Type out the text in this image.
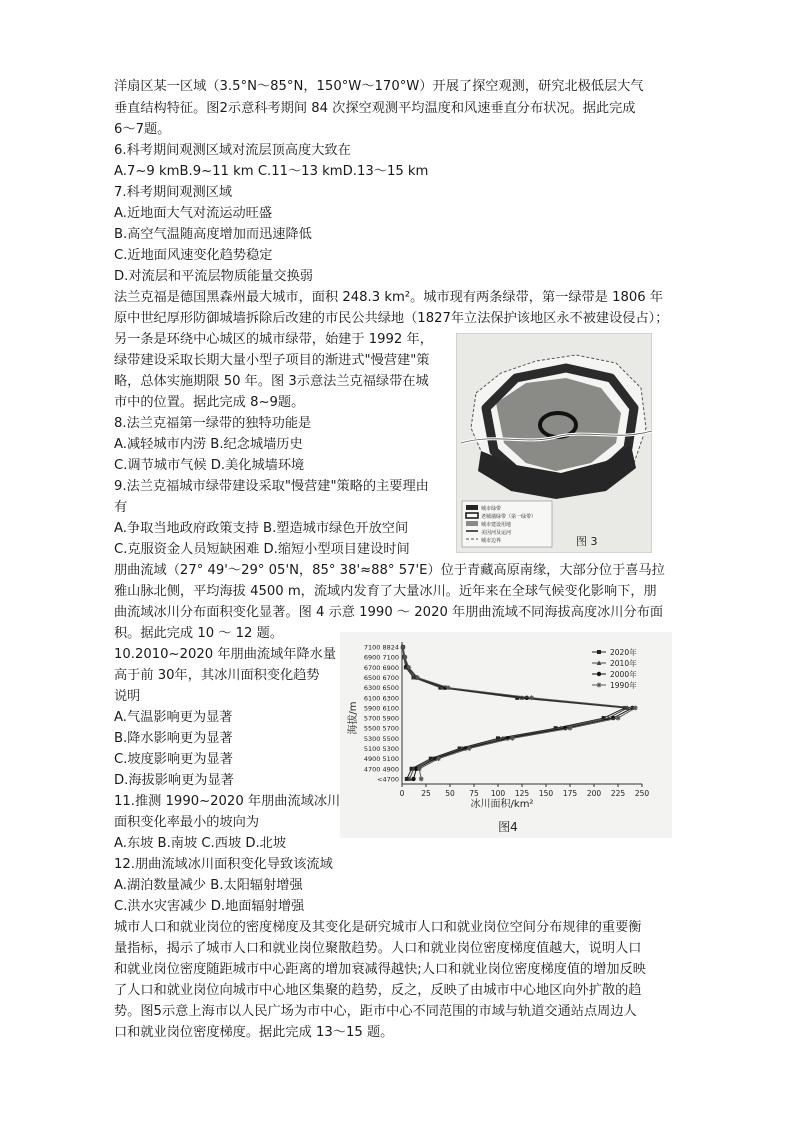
洋扇区某一区域（3.5°N～85°N，150°W～170°W）开展了探空观测，研究北极低层大气
垂直结构特征。图2示意科考期间 84 次探空观测平均温度和风速垂直分布状况。据此完成
6～7题。
6.科考期间观测区域对流层顶高度大致在
A.7~9 kmB.9~11 km C.11～13 kmD.13～15 km
7.科考期间观测区域
A.近地面大气对流运动旺盛
B.高空气温随高度增加而迅速降低
C.近地面风速变化趋势稳定
D.对流层和平流层物质能量交换弱
法兰克福是德国黑森州最大城市，面积 248.3 km²。城市现有两条绿带，第一绿带是 1806 年
原中世纪厚形防御城墙拆除后改建的市民公共绿地（1827年立法保护该地区永不被建设侵占）；
另一条是环绕中心城区的城市绿带，始建于 1992 年，
绿带建设采取长期大量小型子项目的渐进式"慢营建"策
略，总体实施期限 50 年。图 3示意法兰克福绿带在城
市中的位置。据此完成 8~9题。
8.法兰克福第一绿带的独特功能是
A.减轻城市内涝 B.纪念城墙历史
C.调节城市气候 D.美化城墙环境
9.法兰克福城市绿带建设采取"慢营建"策略的主要理由
有
A.争取当地政府政策支持 B.塑造城市绿色开放空间
C.克服资金人员短缺困难 D.缩短小型项目建设时间
城市绿带
老城墙绿带（第一绿带）
城市建设用地
美因河及运河
城市边界	图 3
朋曲流域（27° 49'～29° 05'N，85° 38'≈88° 57'E）位于青藏高原南缘，大部分位于喜马拉
雅山脉北侧，平均海拔 4500 m，流域内发育了大量冰川。近年来在全球气候变化影响下，朋
曲流域冰川分布面积变化显著。图 4 示意 1990 ～ 2020 年朋曲流域不同海拔高度冰川分布面
积。据此完成 10 ～ 12 题。
10.2010~2020 年朋曲流域年降水量
高于前 30年，其冰川面积变化趋势
说明
A.气温影响更为显著
B.降水影响更为显著
C.坡度影响更为显著
D.海拔影响更为显著
11.推测 1990~2020 年朋曲流域冰川
面积变化率最小的坡向为
A.东坡 B.南坡 C.西坡 D.北坡
12.朋曲流域冰川面积变化导致该流域
A.湖泊数量减少 B.太阳辐射增强
C.洪水灾害减少 D.地面辐射增强
0 25 50 75 100 125 150 175 200 225 250
<4700
4700 4900
4900 5100
5100 5300
5300 5500
5500 5700
5700 5900
5900 6100
6100 6300
6300 6500
6500 6700
6700 6900
6900 7100
7100 8824
2020年
2010年
2000年
1990年
海拔/m
冰川面积/km²
图4
城市人口和就业岗位的密度梯度及其变化是研究城市人口和就业岗位空间分布规律的重要衡
量指标，揭示了城市人口和就业岗位聚散趋势。人口和就业岗位密度梯度值越大，说明人口
和就业岗位密度随距城市中心距离的增加衰减得越快;人口和就业岗位密度梯度值的增加反映
了人口和就业岗位向城市中心地区集聚的趋势，反之，反映了由城市中心地区向外扩散的趋
势。图5示意上海市以人民广场为市中心，距市中心不同范围的市域与轨道交通站点周边人
口和就业岗位密度梯度。据此完成 13～15 题。
